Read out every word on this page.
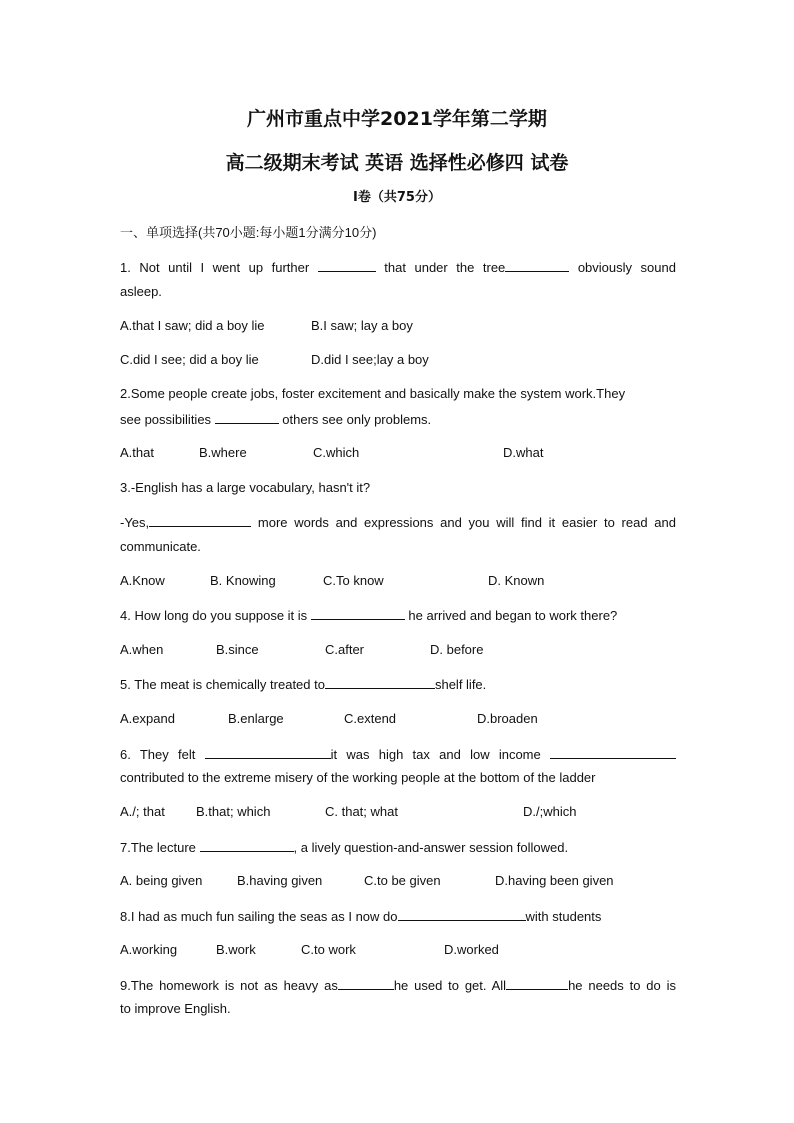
广州市重点中学2021学年第二学期
高二级期末考试 英语 选择性必修四 试卷
I卷（共75分）
一、单项选择(共70小题:每小题1分满分10分)
1. Not until I went up further	that under the tree	obviously sound
asleep.
A.that I saw; did a boy lie	B.I saw; lay a boy
C.did I see; did a boy lie	D.did I see;lay a boy
2.Some people create jobs, foster excitement and basically make the system work.They
see possibilities	others see only problems.
A.that	B.where	C.which	D.what
3.-English has a large vocabulary, hasn't it?
-Yes,	more words and expressions and you will find it easier to read and
communicate.
A.Know	B. Knowing	C.To know	D. Known
4. How long do you suppose it is	he arrived and began to work there?
A.when	B.since	C.after	D. before
5. The meat is chemically treated to	shelf life.
A.expand	B.enlarge	C.extend	D.broaden
6. They felt	it was high tax and low income
contributed to the extreme misery of the working people at the bottom of the ladder
A./; that B.that; which	C. that; what	D./;which
7.The lecture	, a lively question-and-answer session followed.
A. being given	B.having given	C.to be given	D.having been given
8.I had as much fun sailing the seas as I now do	with students
A.working	B.work	C.to work	D.worked
9.The homework is not as heavy as	he used to get. All	he needs to do is
to improve English.
